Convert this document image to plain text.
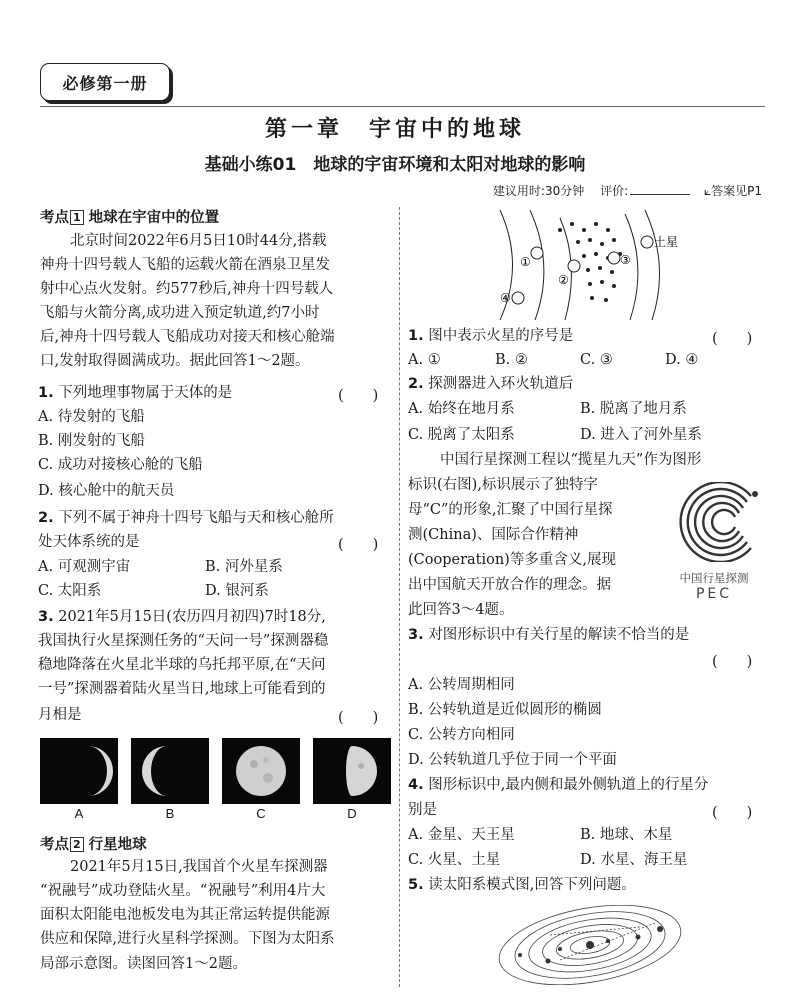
必修第一册
第一章　宇宙中的地球
基础小练01　地球的宇宙环境和太阳对地球的影响
建议用时:30分钟　 评价:	⟀答案见P1
考点 1 地球在宇宙中的位置
北京时间2022年6月5日10时44分,搭载
神舟十四号载人飞船的运载火箭在酒泉卫星发
射中心点火发射。约577秒后,神舟十四号载人
飞船与火箭分离,成功进入预定轨道,约7小时
后,神舟十四号载人飞船成功对接天和核心舱端
口,发射取得圆满成功。据此回答1～2题。
1. 下列地理事物属于天体的是	(　　)
A. 待发射的飞船
B. 刚发射的飞船
C. 成功对接核心舱的飞船
D. 核心舱中的航天员
2. 下列不属于神舟十四号飞船与天和核心舱所
处天体系统的是	(　　)
A. 可观测宇宙	B. 河外星系
C. 太阳系	D. 银河系
3. 2021年5月15日(农历四月初四)7时18分,
我国执行火星探测任务的“天问一号”探测器稳
稳地降落在火星北半球的乌托邦平原,在“天问
一号”探测器着陆火星当日,地球上可能看到的
月相是	(　　)
A	B	C	D
考点 2 行星地球
2021年5月15日,我国首个火星车探测器
“祝融号”成功登陆火星。“祝融号”利用4片大
面积太阳能电池板发电为其正常运转提供能源
供应和保障,进行火星科学探测。下图为太阳系
局部示意图。读图回答1～2题。
①
②
③
④
土星
1. 图中表示火星的序号是	(　　)
A. ①	B. ②	C. ③	D. ④
2. 探测器进入环火轨道后
A. 始终在地月系	B. 脱离了地月系
C. 脱离了太阳系	D. 进入了河外星系
中国行星探测工程以“揽星九天”作为图形
标识(右图),标识展示了独特字
母“C”的形象,汇聚了中国行星探
测(China)、国际合作精神
(Cooperation)等多重含义,展现
出中国航天开放合作的理念。据
此回答3～4题。
中国行星探测
PEC
3. 对图形标识中有关行星的解读不恰当的是
(　　)
A. 公转周期相同
B. 公转轨道是近似圆形的椭圆
C. 公转方向相同
D. 公转轨道几乎位于同一个平面
4. 图形标识中,最内侧和最外侧轨道上的行星分
别是	(　　)
A. 金星、天王星	B. 地球、木星
C. 火星、土星	D. 水星、海王星
5. 读太阳系模式图,回答下列问题。
